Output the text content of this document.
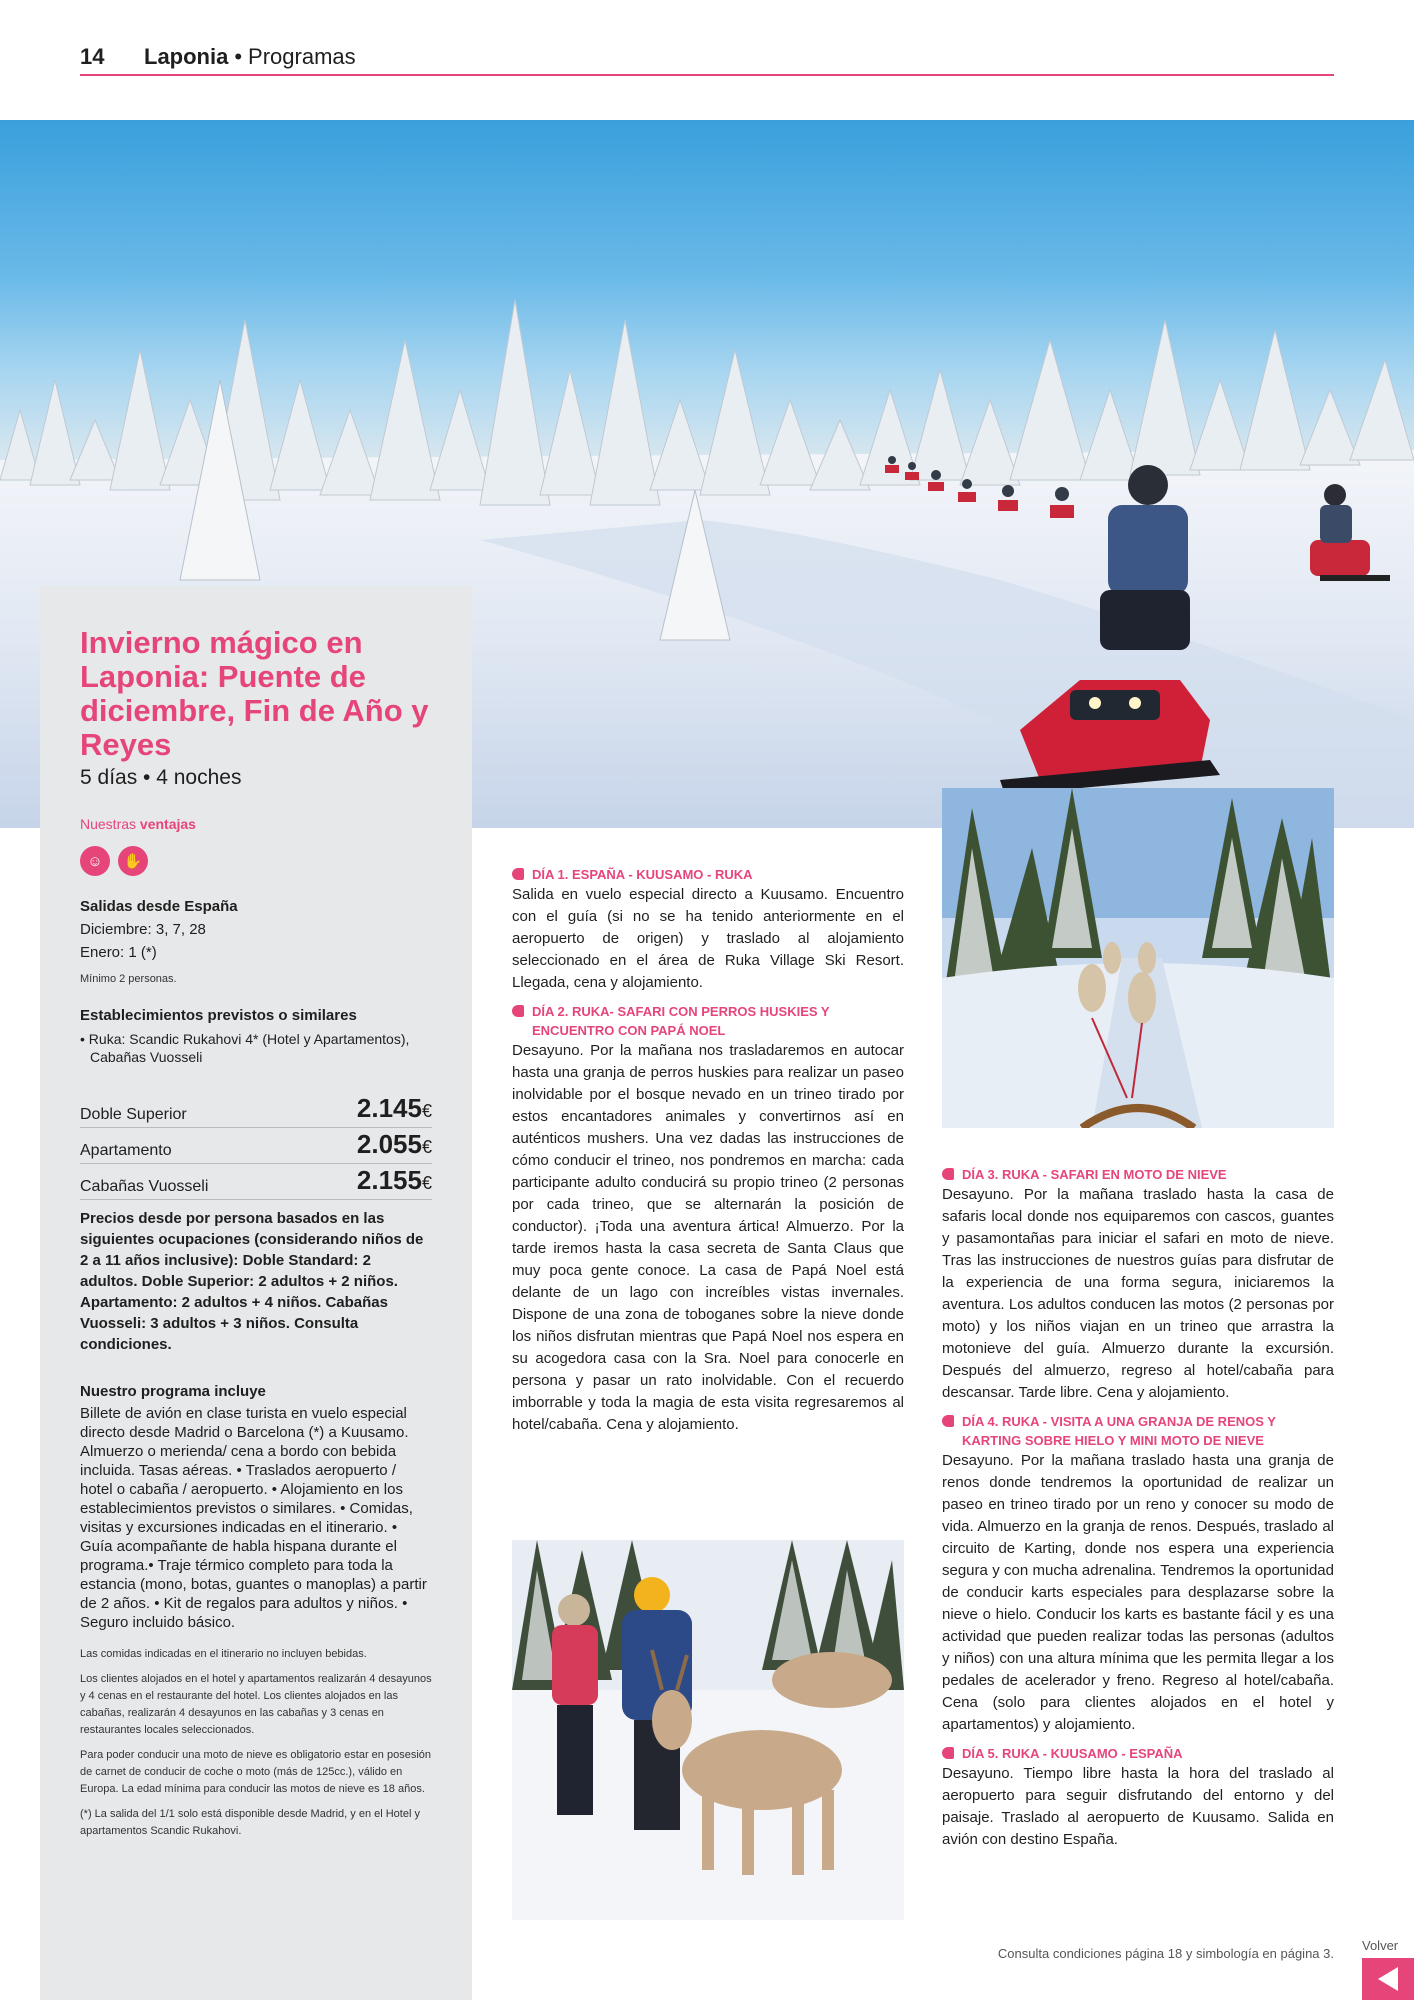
14	Laponia • Programas
Invierno mágico en Laponia: Puente de diciembre, Fin de Año y Reyes
5 días • 4 noches
Nuestras ventajas
☺	✋
Salidas desde España
Diciembre: 3, 7, 28
Enero: 1 (*)
Mínimo 2 personas.
Establecimientos previstos o similares
• Ruka: Scandic Rukahovi 4* (Hotel y Apartamentos), Cabañas Vuosseli
Doble Superior	2.145€
Apartamento	2.055€
Cabañas Vuosseli	2.155€
Precios desde por persona basados en las siguientes ocupaciones (considerando niños de 2 a 11 años inclusive): Doble Standard: 2 adultos. Doble Superior: 2 adultos + 2 niños. Apartamento: 2 adultos + 4 niños. Cabañas Vuosseli: 3 adultos + 3 niños. Consulta condiciones.
Nuestro programa incluye
Billete de avión en clase turista en vuelo especial directo desde Madrid o Barcelona (*) a Kuusamo. Almuerzo o merienda/ cena a bordo con bebida incluida. Tasas aéreas. • Traslados aeropuerto / hotel o cabaña / aeropuerto. • Alojamiento en los establecimientos previstos o similares. • Comidas, visitas y excursiones indicadas en el itinerario. • Guía acompañante de habla hispana durante el programa.• Traje térmico completo para toda la estancia (mono, botas, guantes o manoplas) a partir de 2 años. • Kit de regalos para adultos y niños. • Seguro incluido básico.
Las comidas indicadas en el itinerario no incluyen bebidas.
Los clientes alojados en el hotel y apartamentos realizarán 4 desayunos y 4 cenas en el restaurante del hotel. Los clientes alojados en las cabañas, realizarán 4 desayunos en las cabañas y 3 cenas en restaurantes locales seleccionados.
Para poder conducir una moto de nieve es obligatorio estar en posesión de carnet de conducir de coche o moto (más de 125cc.), válido en Europa. La edad mínima para conducir las motos de nieve es 18 años.
(*) La salida del 1/1 solo está disponible desde Madrid, y en el Hotel y apartamentos Scandic Rukahovi.
DÍA 1. ESPAÑA - KUUSAMO - RUKA
Salida en vuelo especial directo a Kuusamo. Encuentro con el guía (si no se ha tenido anteriormente en el aeropuerto de origen) y traslado al alojamiento seleccionado en el área de Ruka Village Ski Resort. Llegada, cena y alojamiento.
DÍA 2. RUKA- SAFARI CON PERROS HUSKIES Y ENCUENTRO CON PAPÁ NOEL
Desayuno. Por la mañana nos trasladaremos en autocar hasta una granja de perros huskies para realizar un paseo inolvidable por el bosque nevado en un trineo tirado por estos encantadores animales y convertirnos así en auténticos mushers. Una vez dadas las instrucciones de cómo conducir el trineo, nos pondremos en marcha: cada participante adulto conducirá su propio trineo (2 personas por cada trineo, que se alternarán la posición de conductor). ¡Toda una aventura ártica! Almuerzo. Por la tarde iremos hasta la casa secreta de Santa Claus que muy poca gente conoce. La casa de Papá Noel está delante de un lago con increíbles vistas invernales. Dispone de una zona de toboganes sobre la nieve donde los niños disfrutan mientras que Papá Noel nos espera en su acogedora casa con la Sra. Noel para conocerle en persona y pasar un rato inolvidable. Con el recuerdo imborrable y toda la magia de esta visita regresaremos al hotel/cabaña. Cena y alojamiento.
DÍA 3. RUKA - SAFARI EN MOTO DE NIEVE
Desayuno. Por la mañana traslado hasta la casa de safaris local donde nos equiparemos con cascos, guantes y pasamontañas para iniciar el safari en moto de nieve. Tras las instrucciones de nuestros guías para disfrutar de la experiencia de una forma segura, iniciaremos la aventura. Los adultos conducen las motos (2 personas por moto) y los niños viajan en un trineo que arrastra la motonieve del guía. Almuerzo durante la excursión. Después del almuerzo, regreso al hotel/cabaña para descansar. Tarde libre. Cena y alojamiento.
DÍA 4. RUKA - VISITA A UNA GRANJA DE RENOS Y KARTING SOBRE HIELO Y MINI MOTO DE NIEVE
Desayuno. Por la mañana traslado hasta una granja de renos donde tendremos la oportunidad de realizar un paseo en trineo tirado por un reno y conocer su modo de vida. Almuerzo en la granja de renos. Después, traslado al circuito de Karting, donde nos espera una experiencia segura y con mucha adrenalina. Tendremos la oportunidad de conducir karts especiales para desplazarse sobre la nieve o hielo. Conducir los karts es bastante fácil y es una actividad que pueden realizar todas las personas (adultos y niños) con una altura mínima que les permita llegar a los pedales de acelerador y freno. Regreso al hotel/cabaña. Cena (solo para clientes alojados en el hotel y apartamentos) y alojamiento.
DÍA 5. RUKA - KUUSAMO - ESPAÑA
Desayuno. Tiempo libre hasta la hora del traslado al aeropuerto para seguir disfrutando del entorno y del paisaje. Traslado al aeropuerto de Kuusamo. Salida en avión con destino España.
Consulta condiciones página 18 y simbología en página 3.
Volver
